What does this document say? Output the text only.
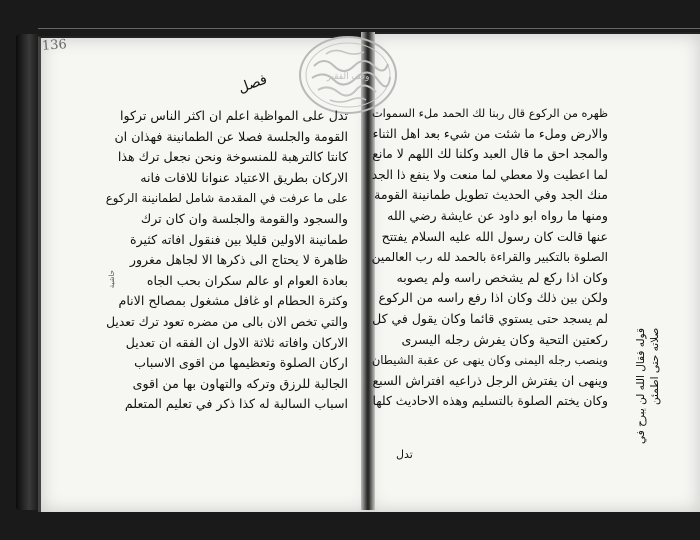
136
وقف الفقير
فصل
تدل على المواظبة اعلم ان اكثر الناس تركوا
القومة والجلسة فصلا عن الطمانينة فهذان ان
كانتا كالترهبة للمنسوخة ونحن نجعل ترك هذا
الاركان بطريق الاعتياد عنوانا للافات فانه
على ما عرفت في المقدمة شامل لطمانينة الركوع
والسجود والقومة والجلسة وان كان ترك
طمانينة الاولين قليلا بين فنقول افاته كثيرة
ظاهرة لا يحتاج الى ذكرها الا لجاهل مغرور
بعادة العوام او عالم سكران بحب الجاه
وكثرة الحطام او غافل مشغول بمصالح الانام
والتي تخص الان بالى من مضره تعود ترك تعديل
الاركان وافاته ثلاثة الاول ان الفقه ان تعديل
اركان الصلوة وتعظيمها من اقوى الاسباب
الجالبة للرزق وتركه والتهاون بها من اقوى
اسباب السالبة له كذا ذكر في تعليم المتعلم
حاشية
ظهره من الركوع قال ربنا لك الحمد ملء السموات
والارض وملء ما شئت من شيء بعد اهل الثناء
والمجد احق ما قال العبد وكلنا لك اللهم لا مانع
لما اعطيت ولا معطي لما منعت ولا ينفع ذا الجد
منك الجد وفي الحديث تطويل طمانينة القومة
ومنها ما رواه ابو داود عن عايشة رضي الله
عنها قالت كان رسول الله عليه السلام يفتتح
الصلوة بالتكبير والقراءة بالحمد لله رب العالمين
وكان اذا ركع لم يشخص راسه ولم يصوبه
ولكن بين ذلك وكان اذا رفع راسه من الركوع
لم يسجد حتى يستوي قائما وكان يقول في كل
ركعتين التحية وكان يفرش رجله اليسرى
وينصب رجله اليمنى وكان ينهى عن عقبة الشيطان
وينهى ان يفترش الرجل ذراعيه افتراش السبع
وكان يختم الصلوة بالتسليم وهذه الاحاديث كلها	قوله فقال الله لن يبرح في صلاته حتى اطمئن
تدل
